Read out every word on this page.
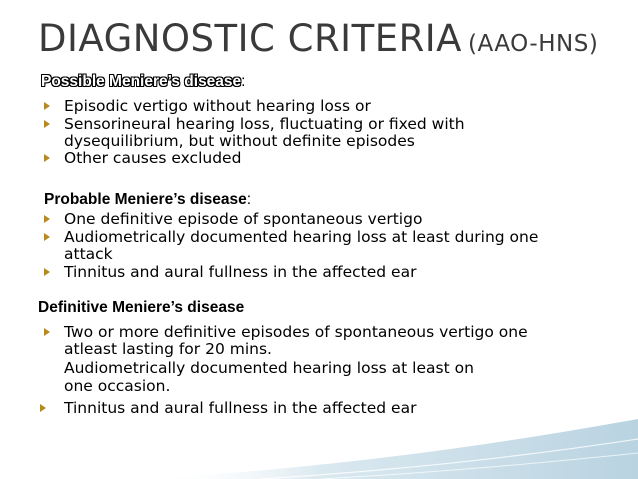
DIAGNOSTIC CRITERIA (AAO-HNS)
Possible Meniere’s disease:
Episodic vertigo without hearing loss or
Sensorineural hearing loss, fluctuating or fixed with
dysequilibrium, but without definite episodes
Other causes excluded
Probable Meniere’s disease:
One definitive episode of spontaneous vertigo
Audiometrically documented hearing loss at least during one
attack
Tinnitus and aural fullness in the affected ear
Definitive Meniere’s disease
Two or more definitive episodes of spontaneous vertigo one
atleast lasting for 20 mins.
Audiometrically documented hearing loss at least on
one occasion.
Tinnitus and aural fullness in the affected ear
